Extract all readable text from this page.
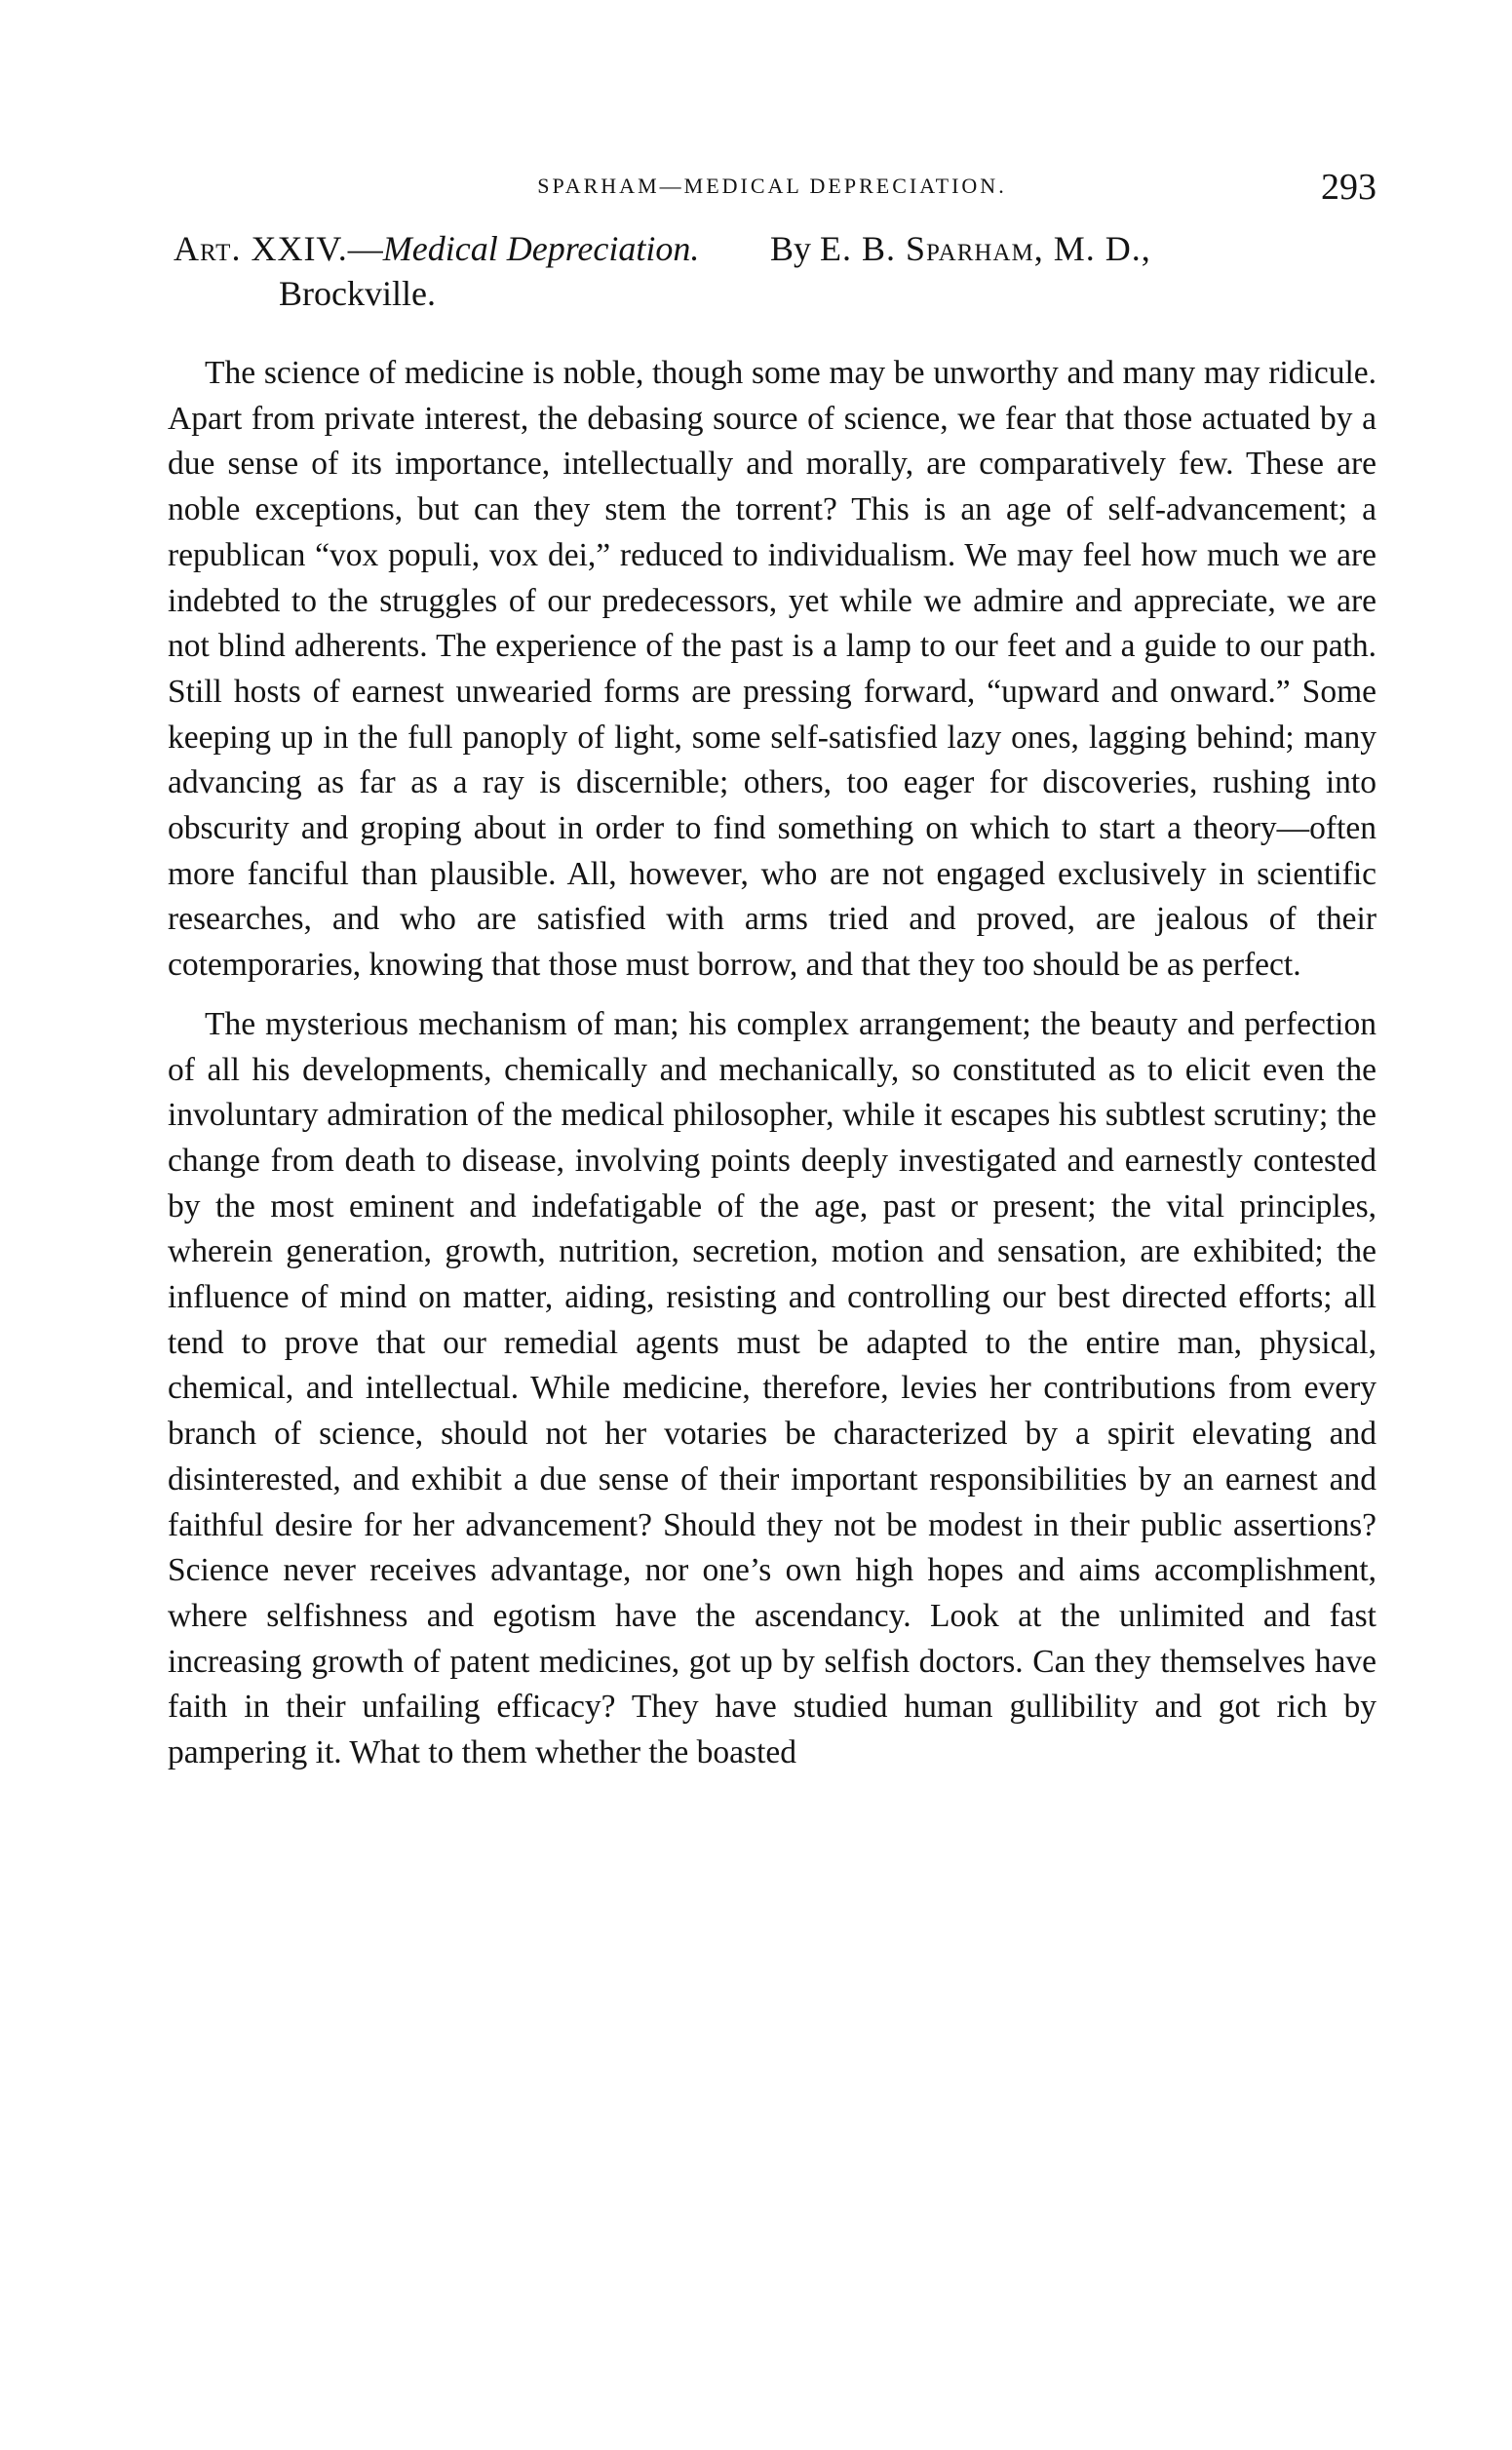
SPARHAM—MEDICAL DEPRECIATION.	293
Art. XXIV.—Medical Depreciation. By E. B. Sparham, M. D.,
Brockville.

The science of medicine is noble, though some may be unworthy and many may ridicule. Apart from private interest, the debasing source of science, we fear that those actuated by a due sense of its importance, intellectually and morally, are comparatively few. These are noble exceptions, but can they stem the torrent? This is an age of self-advancement; a republican “vox populi, vox dei,” reduced to individualism. We may feel how much we are indebted to the struggles of our predecessors, yet while we admire and appreciate, we are not blind adherents. The experience of the past is a lamp to our feet and a guide to our path. Still hosts of earnest unwearied forms are pressing forward, “upward and onward.” Some keeping up in the full panoply of light, some self-satisfied lazy ones, lagging behind; many advancing as far as a ray is discernible; others, too eager for discoveries, rushing into obscurity and groping about in order to find something on which to start a theory—often more fanciful than plausible. All, however, who are not engaged exclusively in scientific researches, and who are satisfied with arms tried and proved, are jealous of their cotemporaries, knowing that those must borrow, and that they too should be as perfect.

The mysterious mechanism of man; his complex arrangement; the beauty and perfection of all his developments, chemically and mechanically, so constituted as to elicit even the involuntary admiration of the medical philosopher, while it escapes his subtlest scrutiny; the change from death to disease, involving points deeply investigated and earnestly contested by the most eminent and indefatigable of the age, past or present; the vital principles, wherein generation, growth, nutrition, secretion, motion and sensation, are exhibited; the influence of mind on matter, aiding, resisting and controlling our best directed efforts; all tend to prove that our remedial agents must be adapted to the entire man, physical, chemical, and intellectual. While medicine, therefore, levies her contributions from every branch of science, should not her votaries be characterized by a spirit elevating and disinterested, and exhibit a due sense of their important responsibilities by an earnest and faithful desire for her advancement? Should they not be modest in their public assertions? Science never receives advantage, nor one’s own high hopes and aims accomplishment, where selfishness and egotism have the ascendancy. Look at the unlimited and fast increasing growth of patent medicines, got up by selfish doctors. Can they themselves have faith in their unfailing efficacy? They have studied human gullibility and got rich by pampering it. What to them whether the boasted
